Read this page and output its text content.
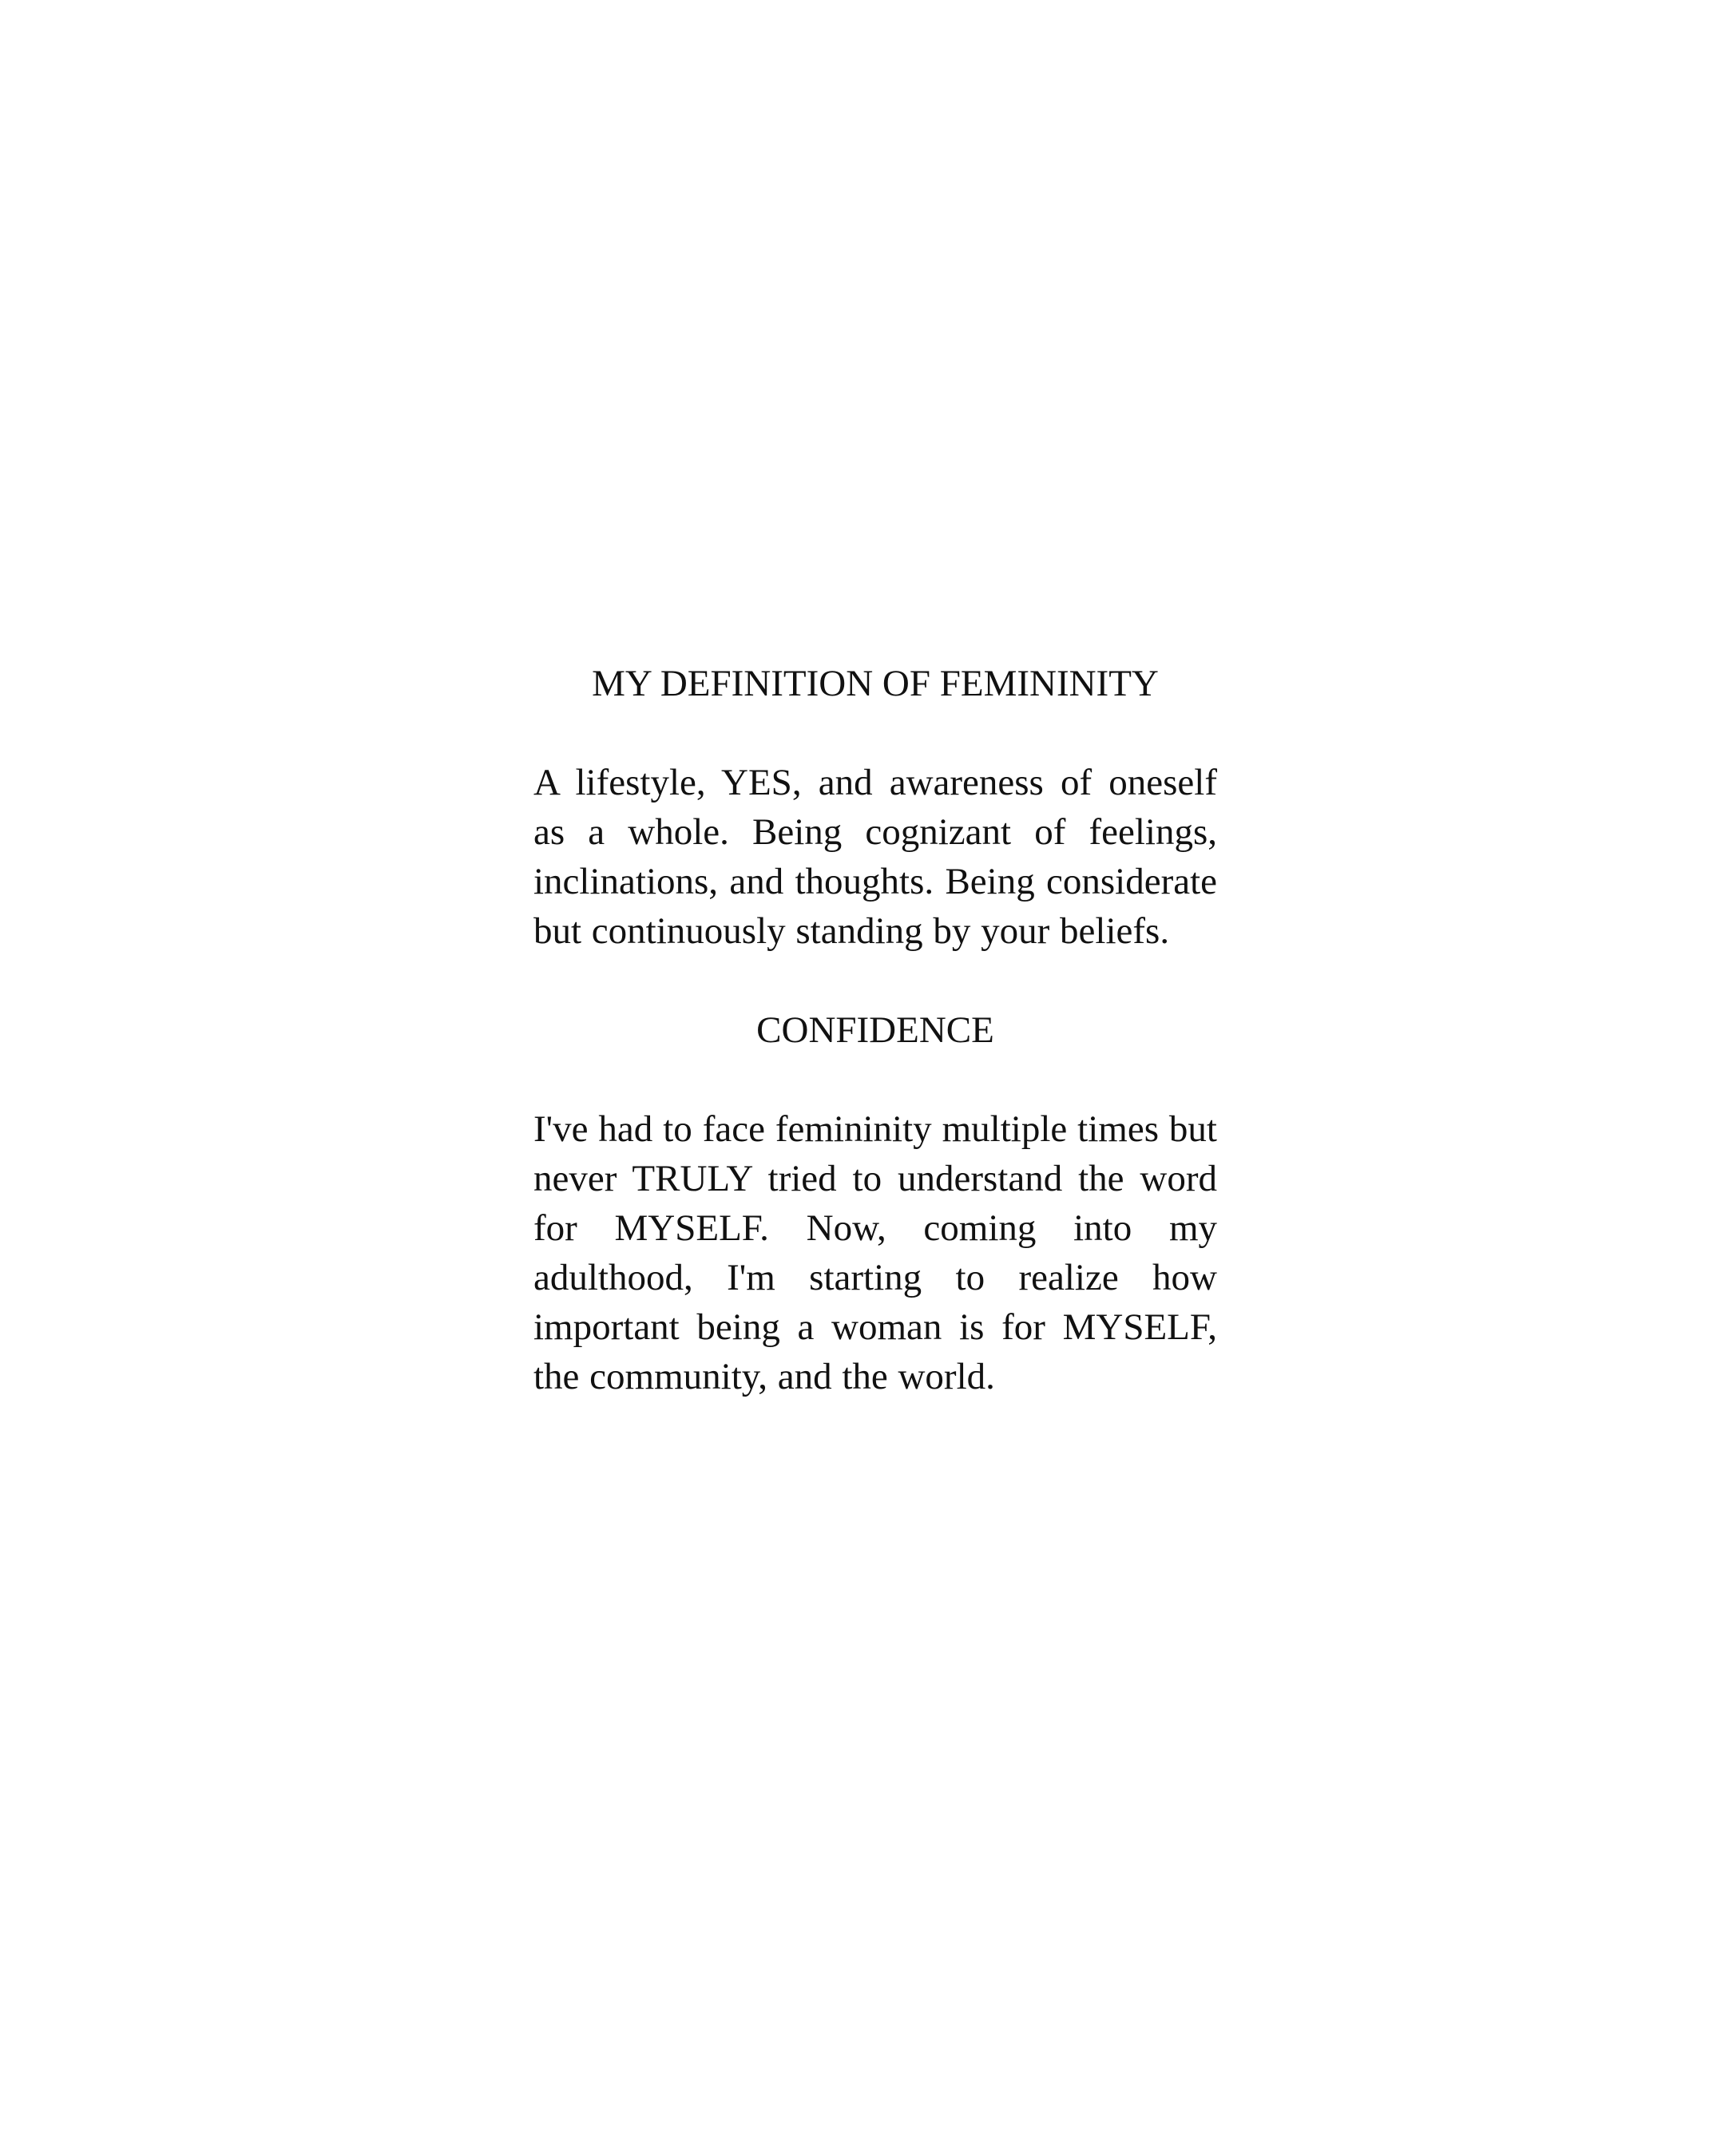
MY DEFINITION OF FEMININITY

A lifestyle, YES, and awareness of oneself as a whole. Being cognizant of feelings, inclinations, and thoughts. Being considerate but continuously standing by your beliefs.

CONFIDENCE

I've had to face femininity multiple times but never TRULY tried to understand the word for MYSELF. Now, coming into my adulthood, I'm starting to realize how important being a woman is for MYSELF, the community, and the world.
